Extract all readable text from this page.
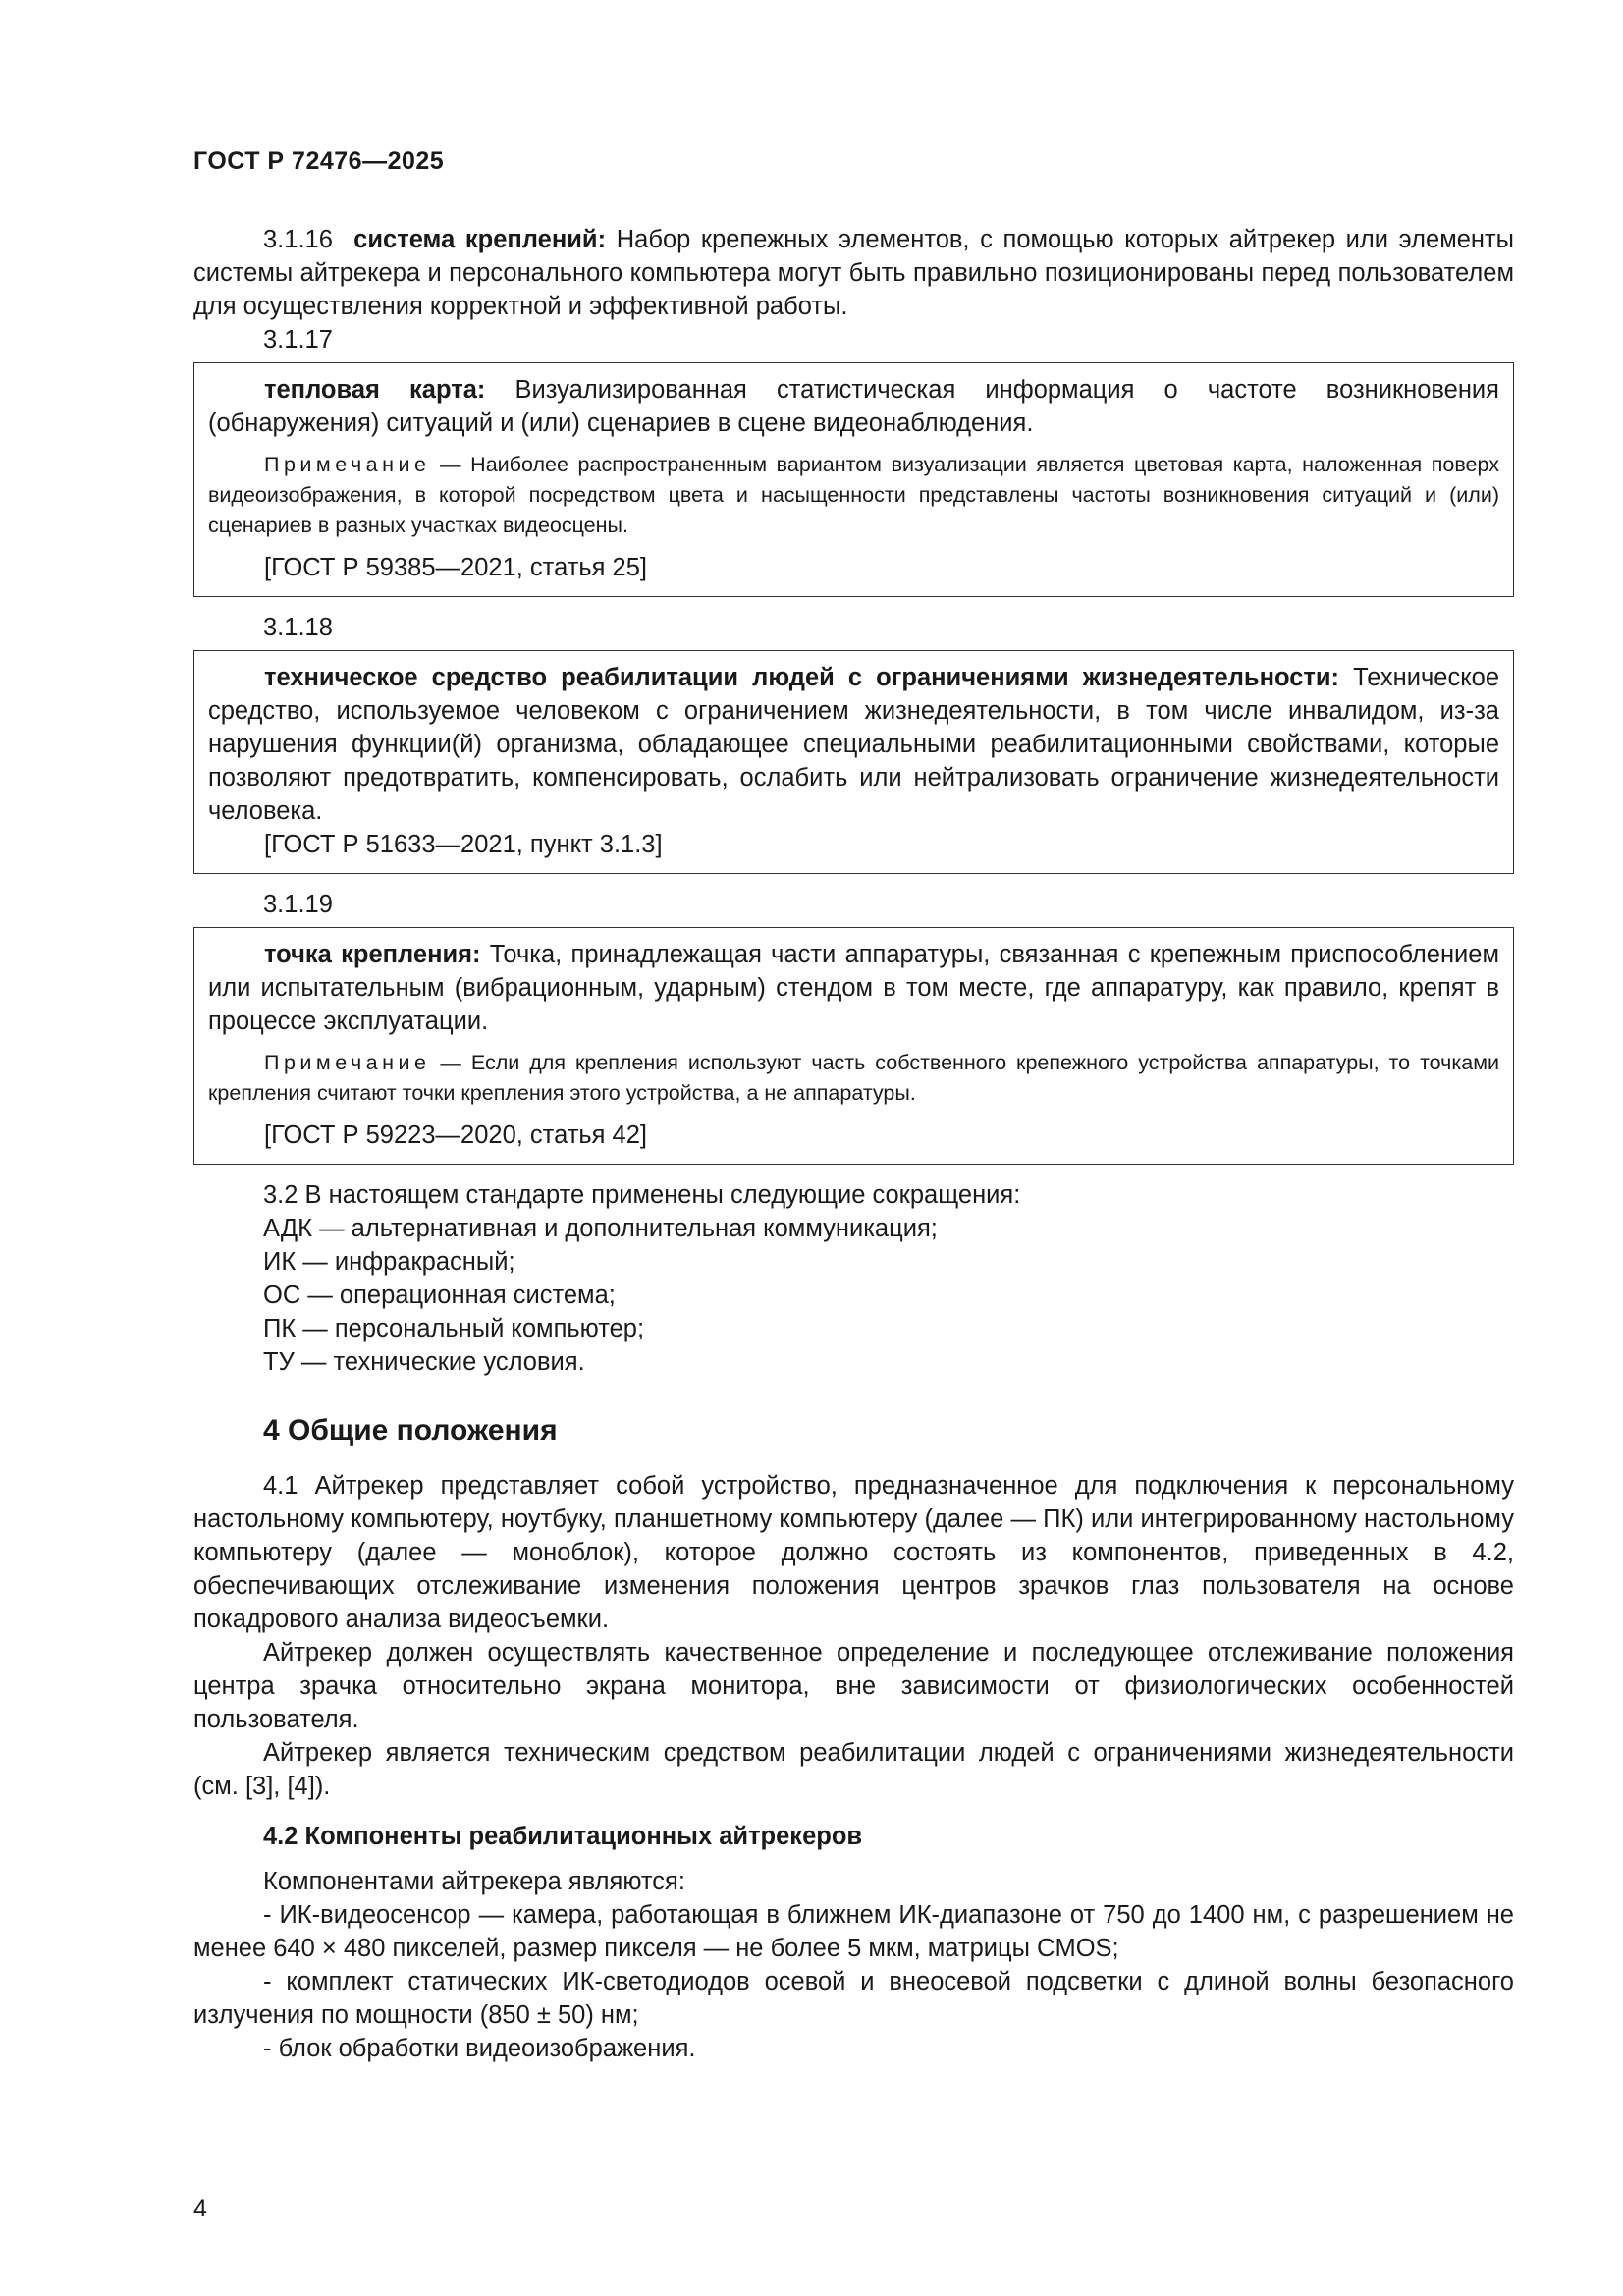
ГОСТ Р 72476—2025

3.1.16 система креплений: Набор крепежных элементов, с помощью которых айтрекер или элементы системы айтрекера и персонального компьютера могут быть правильно позиционированы перед пользователем для осуществления корректной и эффективной работы.

3.1.17

тепловая карта: Визуализированная статистическая информация о частоте возникновения (обнаружения) ситуаций и (или) сценариев в сцене видеонаблюдения.

Примечание — Наиболее распространенным вариантом визуализации является цветовая карта, наложенная поверх видеоизображения, в которой посредством цвета и насыщенности представлены частоты возникновения ситуаций и (или) сценариев в разных участках видеосцены.

[ГОСТ Р 59385—2021, статья 25]
3.1.18

техническое средство реабилитации людей с ограничениями жизнедеятельности: Техническое средство, используемое человеком с ограничением жизнедеятельности, в том числе инвалидом, из-за нарушения функции(й) организма, обладающее специальными реабилитационными свойствами, которые позволяют предотвратить, компенсировать, ослабить или нейтрализовать ограничение жизнедеятельности человека.

[ГОСТ Р 51633—2021, пункт 3.1.3]
3.1.19

точка крепления: Точка, принадлежащая части аппаратуры, связанная с крепежным приспособлением или испытательным (вибрационным, ударным) стендом в том месте, где аппаратуру, как правило, крепят в процессе эксплуатации.

Примечание — Если для крепления используют часть собственного крепежного устройства аппаратуры, то точками крепления считают точки крепления этого устройства, а не аппаратуры.

[ГОСТ Р 59223—2020, статья 42]
3.2 В настоящем стандарте применены следующие сокращения:
АДК — альтернативная и дополнительная коммуникация;
ИК — инфракрасный;
ОС — операционная система;
ПК — персональный компьютер;
ТУ — технические условия.
4 Общие положения

4.1 Айтрекер представляет собой устройство, предназначенное для подключения к персональному настольному компьютеру, ноутбуку, планшетному компьютеру (далее — ПК) или интегрированному настольному компьютеру (далее — моноблок), которое должно состоять из компонентов, приведенных в 4.2, обеспечивающих отслеживание изменения положения центров зрачков глаз пользователя на основе покадрового анализа видеосъемки.

Айтрекер должен осуществлять качественное определение и последующее отслеживание положения центра зрачка относительно экрана монитора, вне зависимости от физиологических особенностей пользователя.

Айтрекер является техническим средством реабилитации людей с ограничениями жизнедеятельности (см. [3], [4]).

4.2 Компоненты реабилитационных айтрекеров

Компонентами айтрекера являются:

- ИК-видеосенсор — камера, работающая в ближнем ИК-диапазоне от 750 до 1400 нм, с разрешением не менее 640 × 480 пикселей, размер пикселя — не более 5 мкм, матрицы CMOS;

- комплект статических ИК-светодиодов осевой и внеосевой подсветки с длиной волны безопасного излучения по мощности (850 ± 50) нм;

- блок обработки видеоизображения.

4
